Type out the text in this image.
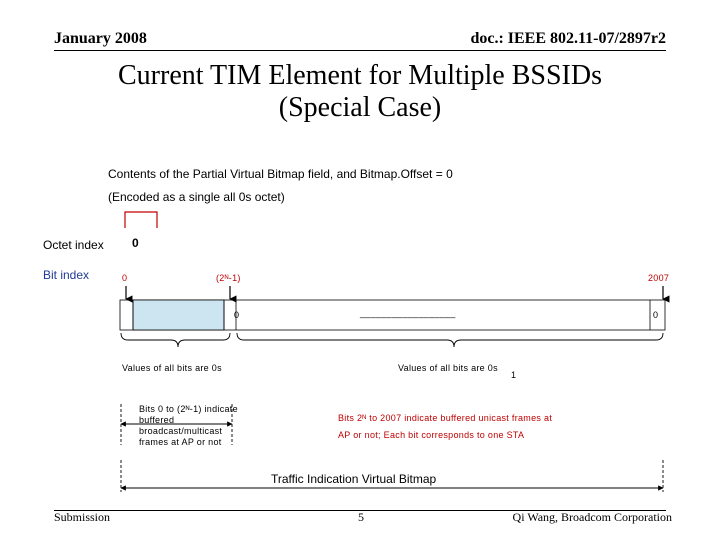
January 2008	doc.: IEEE 802.11-07/2897r2
Current TIM Element for Multiple BSSIDs
(Special Case)
Contents of the Partial Virtual Bitmap field, and Bitmap.Offset = 0
(Encoded as a single all 0s octet)
Octet index 0
Bit index	0	(2ᴺ-1)	2007
0	0
__________________
Values of all bits are 0s	Values of all bits are 0s
1
Bits 0 to (2ᴺ-1) indicate
buffered
broadcast/multicast
frames at AP or not
Bits 2ᴺ to 2007 indicate buffered unicast frames at
AP or not; Each bit corresponds to one STA
Traffic Indication Virtual Bitmap
Submission	5	Qi Wang, Broadcom Corporation
